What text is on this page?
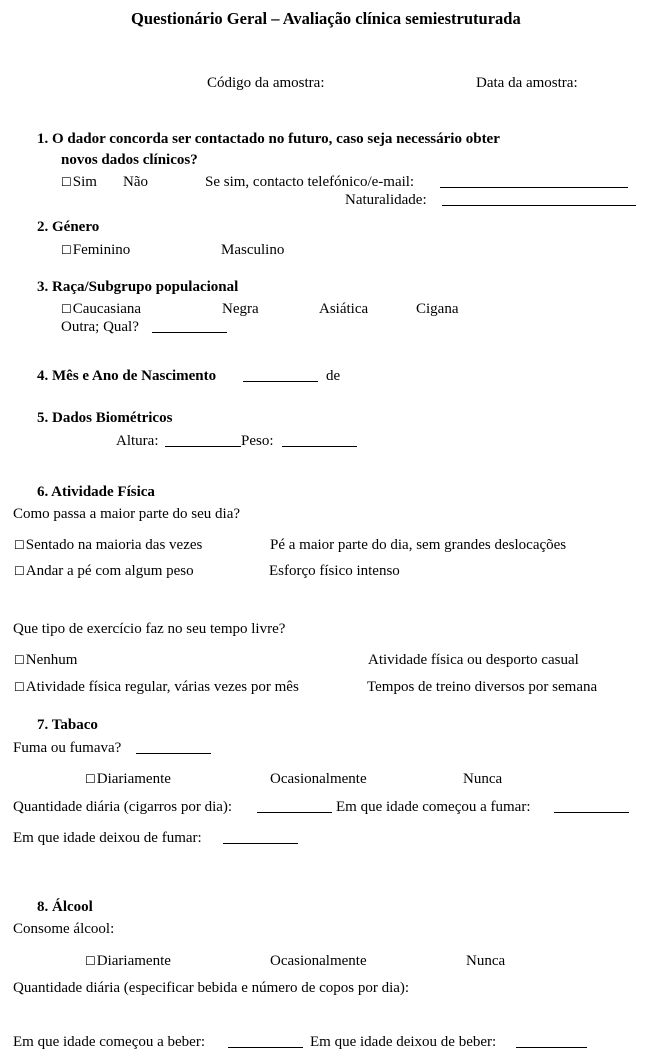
Questionário Geral – Avaliação clínica semiestruturada
Código da amostra:	Data da amostra:
1. O dador concorda ser contactado no futuro, caso seja necessário obter
novos dados clínicos?
☐Sim Não	Se sim, contacto telefónico/e-mail:
Naturalidade:
2. Género
☐Feminino	Masculino
3. Raça/Subgrupo populacional
☐Caucasiana	Negra	Asiática	Cigana
Outra; Qual?
4. Mês e Ano de Nascimento	de
5. Dados Biométricos
Altura:	Peso:
6. Atividade Física
Como passa a maior parte do seu dia?
☐Sentado na maioria das vezes	Pé a maior parte do dia, sem grandes deslocações
☐Andar a pé com algum peso	Esforço físico intenso
Que tipo de exercício faz no seu tempo livre?
☐Nenhum	Atividade física ou desporto casual
☐Atividade física regular, várias vezes por mês	Tempos de treino diversos por semana
7. Tabaco
Fuma ou fumava?
☐Diariamente	Ocasionalmente	Nunca
Quantidade diária (cigarros por dia):	Em que idade começou a fumar:
Em que idade deixou de fumar:
8. Álcool
Consome álcool:
☐Diariamente	Ocasionalmente	Nunca
Quantidade diária (especificar bebida e número de copos por dia):
Em que idade começou a beber:	Em que idade deixou de beber:
